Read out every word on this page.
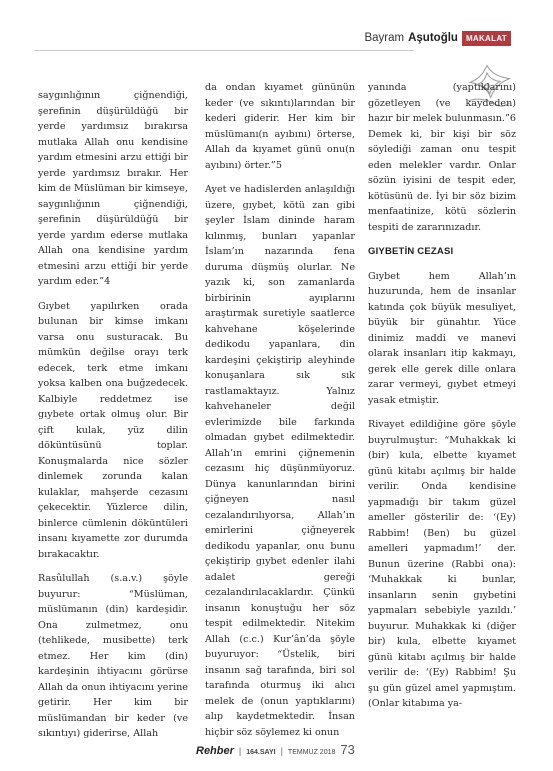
Bayram Aşutoğlu	MAKALAT

saygınlığının çiğnendiği, şerefinin düşürüldüğü bir yerde yardımsız bırakırsa mutlaka Allah onu kendisine yardım etmesini arzu ettiği bir yerde yardımsız bırakır. Her kim de Müslüman bir kimseye, saygınlığının çiğnendiği, şerefinin düşürüldüğü bir yerde yardım ederse mutlaka Allah ona kendisine yardım etmesini arzu ettiği bir yerde yardım eder.”4

Gıybet yapılırken orada bulunan bir kimse imkanı varsa onu susturacak. Bu mümkün değilse orayı terk edecek, terk etme imkanı yoksa kalben ona buğzedecek. Kalbiyle reddetmez ise gıybete ortak olmuş olur. Bir çift kulak, yüz dilin döküntüsünü toplar. Konuşmalarda nice sözler dinlemek zorunda kalan kulaklar, mahşerde cezasını çekecektir. Yüzlerce dilin, binlerce cümlenin döküntüleri insanı kıyamette zor durumda bırakacaktır.

Rasûlullah (s.a.v.) şöyle buyurur: “Müslüman, müslümanın (din) kardeşidir. Ona zulmetmez, onu (tehlikede, musibette) terk etmez. Her kim (din) kardeşinin ihtiyacını görürse Allah da onun ihtiyacını yerine getirir. Her kim bir müslümandan bir keder (ve sıkıntıyı) giderirse, Allah

da ondan kıyamet gününün keder (ve sıkıntı)larından bir kederi giderir. Her kim bir müslümanı(n ayıbını) örterse, Allah da kıyamet günü onu(n ayıbını) örter.”5

Ayet ve hadislerden anlaşıldığı üzere, gıybet, kötü zan gibi şeyler İslam dininde haram kılınmış, bunları yapanlar İslam’ın nazarında fena duruma düşmüş olurlar. Ne yazık ki, son zamanlarda birbirinin ayıplarını araştırmak suretiyle saatlerce kahvehane köşelerinde dedikodu yapanlara, din kardeşini çekiştirip aleyhinde konuşanlara sık sık rastlamaktayız. Yalnız kahvehaneler değil evlerimizde bile farkında olmadan gıybet edilmektedir. Allah’ın emrini çiğnemenin cezasını hiç düşünmüyoruz. Dünya kanunlarından birini çiğneyen nasıl cezalandırılıyorsa, Allah’ın emirlerini çiğneyerek dedikodu yapanlar, onu bunu çekiştirip gıybet edenler ilahi adalet gereği cezalandırılacaklardır. Çünkü insanın konuştuğu her söz tespit edilmektedir. Nitekim Allah (c.c.) Kur’ân’da şöyle buyuruyor: “Üstelik, biri insanın sağ tarafında, biri sol tarafında oturmuş iki alıcı melek de (onun yaptıklarını) alıp kaydetmektedir. İnsan hiçbir söz söylemez ki onun

yanında (yaptıklarını) gözetleyen (ve kaydeden) hazır bir melek bulunmasın.”6 Demek ki, bir kişi bir söz söylediği zaman onu tespit eden melekler vardır. Onlar sözün iyisini de tespit eder, kötüsünü de. İyi bir söz bizim menfaatinize, kötü sözlerin tespiti de zararınızadır.

GIYBETİN CEZASI

Gıybet hem Allah’ın huzurunda, hem de insanlar katında çok büyük mesuliyet, büyük bir günahtır. Yüce dinimiz maddi ve manevi olarak insanları itip kakmayı, gerek elle gerek dille onlara zarar vermeyi, gıybet etmeyi yasak etmiştir.

Rivayet edildiğine göre şöyle buyrulmuştur: “Muhakkak ki (bir) kula, elbette kıyamet günü kitabı açılmış bir halde verilir. Onda kendisine yapmadığı bir takım güzel ameller gösterilir de: ‘(Ey) Rabbim! (Ben) bu güzel amelleri yapmadım!’ der. Bunun üzerine (Rabbi ona): ‘Muhakkak ki bunlar, insanların senin gıybetini yapmaları sebebiyle yazıldı.’ buyurur. Muhakkak ki (diğer bir) kula, elbette kıyamet günü kitabı açılmış bir halde verilir de: ‘(Ey) Rabbim! Şu şu gün güzel amel yapmıştım. (Onlar kitabıma ya-

Rehber | 164.SAYI | TEMMUZ 2018 73
